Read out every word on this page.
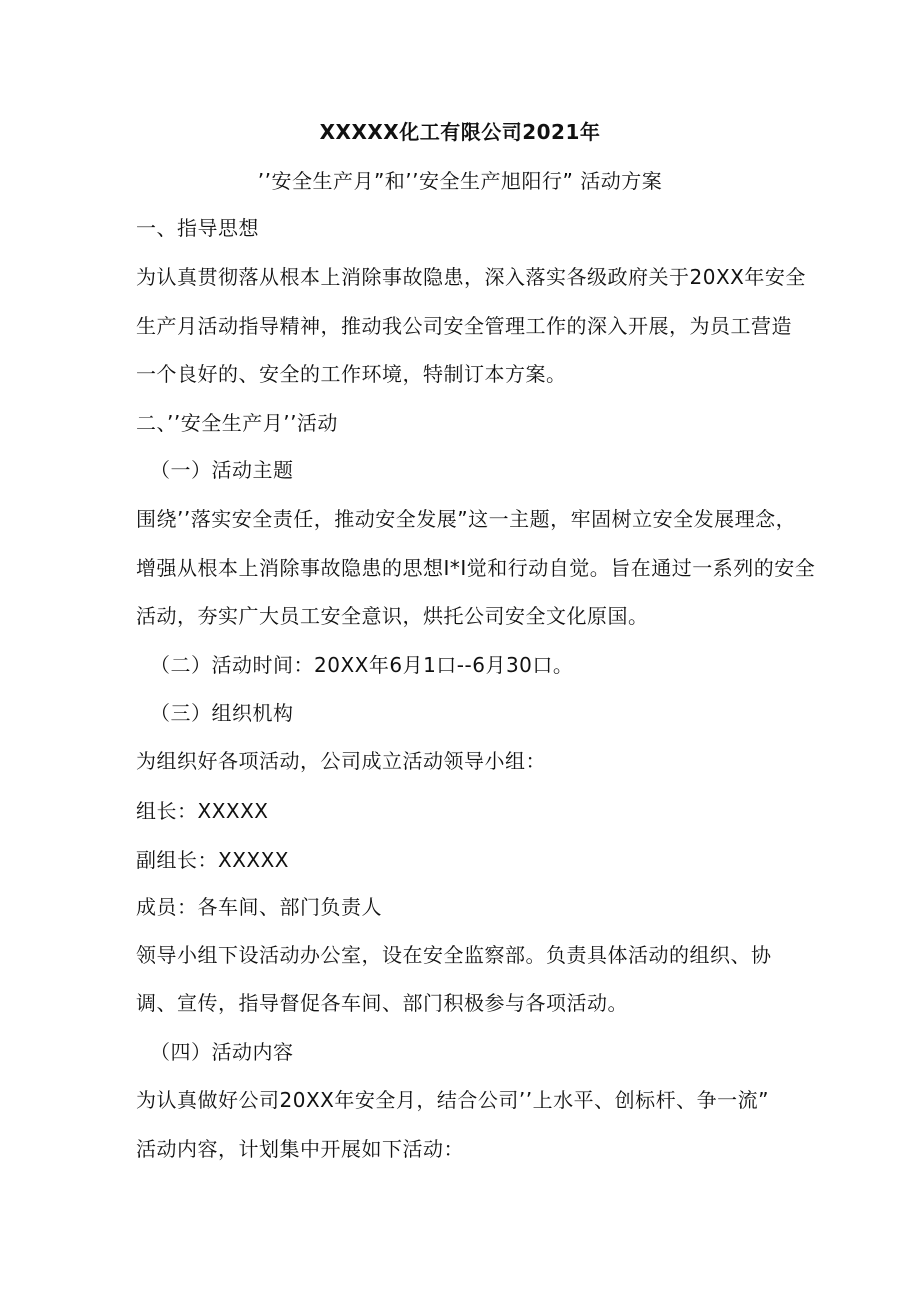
XXXXX化工有限公司2021年
’’安全生产月”和’’安全生产旭阳行” 活动方案
一、指导思想
为认真贯彻落从根本上消除事故隐患，深入落实各级政府关于20XX年安全
生产月活动指导精神，推动我公司安全管理工作的深入开展，为员工营造
一个良好的、安全的工作环境，特制订本方案。
二、’’安全生产月’’活动
（一）活动主题
围绕’’落实安全责任，推动安全发展”这一主题，牢固树立安全发展理念，
增强从根本上消除事故隐患的思想I*I觉和行动自觉。旨在通过一系列的安全
活动，夯实广大员工安全意识，烘托公司安全文化原国。
（二）活动时间：20XX年6月1口--6月30口。
（三）组织机构
为组织好各项活动，公司成立活动领导小组：
组长：XXXXX
副组长：XXXXX
成员：各车间、部门负责人
领导小组下设活动办公室，设在安全监察部。负责具体活动的组织、协
调、宣传，指导督促各车间、部门积极参与各项活动。
（四）活动内容
为认真做好公司20XX年安全月，结合公司’’上水平、创标杆、争一流”
活动内容，计划集中开展如下活动：
